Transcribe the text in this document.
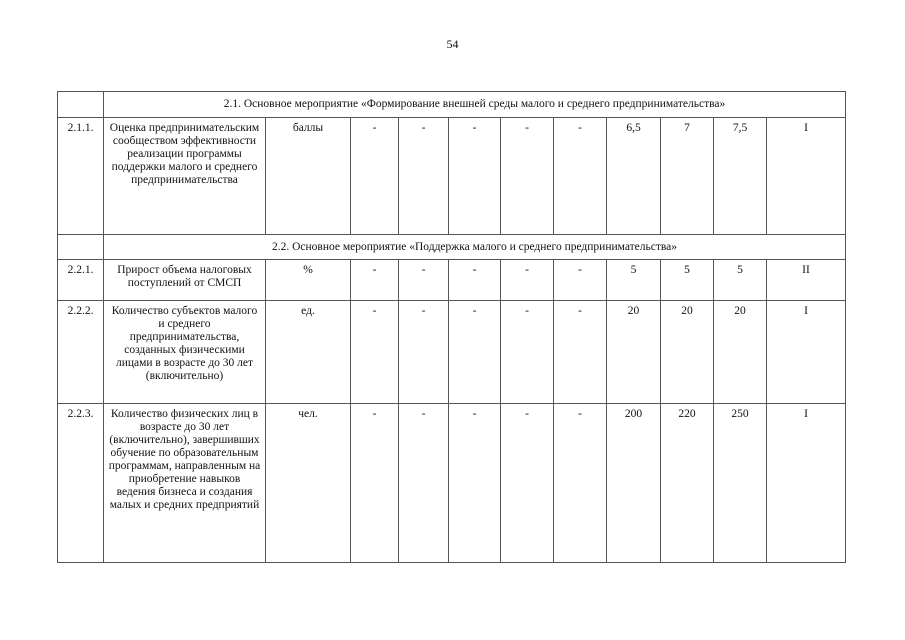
54
	2.1. Основное мероприятие «Формирование внешней среды малого и среднего предпринимательства»										
2.1.1.	Оценка предпринимательским сообществом эффективности реализации программы поддержки малого и среднего предпринимательства	баллы	-	-	-	-	-	6,5	7	7,5	I
	2.2. Основное мероприятие «Поддержка малого и среднего предпринимательства»										
2.2.1.	Прирост объема налоговых поступлений от СМСП	%	-	-	-	-	-	5	5	5	II
2.2.2.	Количество субъектов малого и среднего предпринимательства, созданных физическими лицами в возрасте до 30 лет (включительно)	ед.	-	-	-	-	-	20	20	20	I
2.2.3.	Количество физических лиц в возрасте до 30 лет (включительно), завершивших обучение по образовательным программам, направленным на приобретение навыков ведения бизнеса и создания малых и средних предприятий	чел.	-	-	-	-	-	200	220	250	I
